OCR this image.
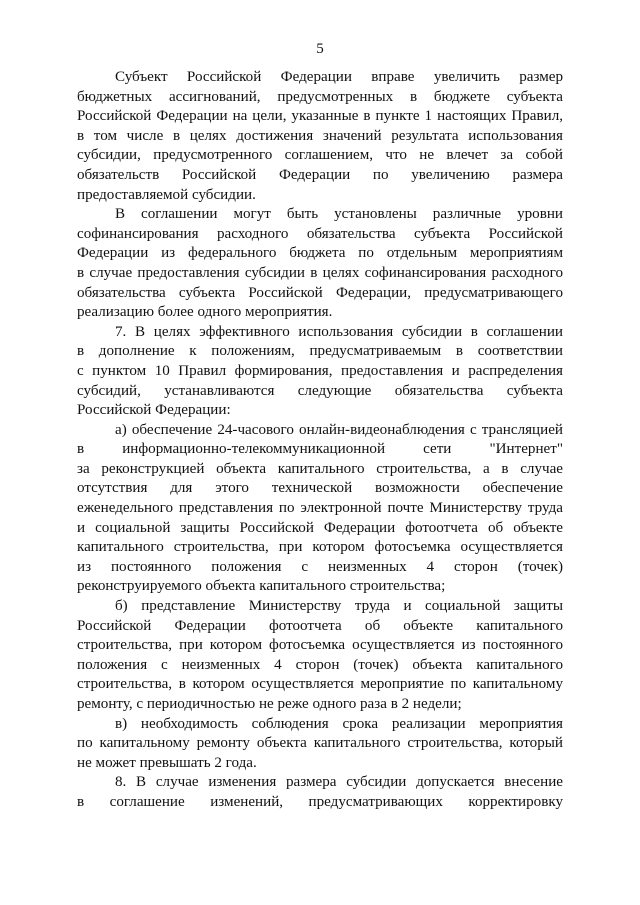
5
Субъект Российской Федерации вправе увеличить размер
бюджетных ассигнований, предусмотренных в бюджете субъекта
Российской Федерации на цели, указанные в пункте 1 настоящих Правил,
в том числе в целях достижения значений результата использования
субсидии, предусмотренного соглашением, что не влечет за собой
обязательств Российской Федерации по увеличению размера
предоставляемой субсидии.
В соглашении могут быть установлены различные уровни
софинансирования расходного обязательства субъекта Российской
Федерации из федерального бюджета по отдельным мероприятиям
в случае предоставления субсидии в целях софинансирования расходного
обязательства субъекта Российской Федерации, предусматривающего
реализацию более одного мероприятия.
7. В целях эффективного использования субсидии в соглашении
в дополнение к положениям, предусматриваемым в соответствии
с пунктом 10 Правил формирования, предоставления и распределения
субсидий, устанавливаются следующие обязательства субъекта
Российской Федерации:
а) обеспечение 24-часового онлайн-видеонаблюдения с трансляцией
в информационно-телекоммуникационной сети "Интернет"
за реконструкцией объекта капитального строительства, а в случае
отсутствия для этого технической возможности обеспечение
еженедельного представления по электронной почте Министерству труда
и социальной защиты Российской Федерации фотоотчета об объекте
капитального строительства, при котором фотосъемка осуществляется
из постоянного положения с неизменных 4 сторон (точек)
реконструируемого объекта капитального строительства;
б) представление Министерству труда и социальной защиты
Российской Федерации фотоотчета об объекте капитального
строительства, при котором фотосъемка осуществляется из постоянного
положения с неизменных 4 сторон (точек) объекта капитального
строительства, в котором осуществляется мероприятие по капитальному
ремонту, с периодичностью не реже одного раза в 2 недели;
в) необходимость соблюдения срока реализации мероприятия
по капитальному ремонту объекта капитального строительства, который
не может превышать 2 года.
8. В случае изменения размера субсидии допускается внесение
в соглашение изменений, предусматривающих корректировку
